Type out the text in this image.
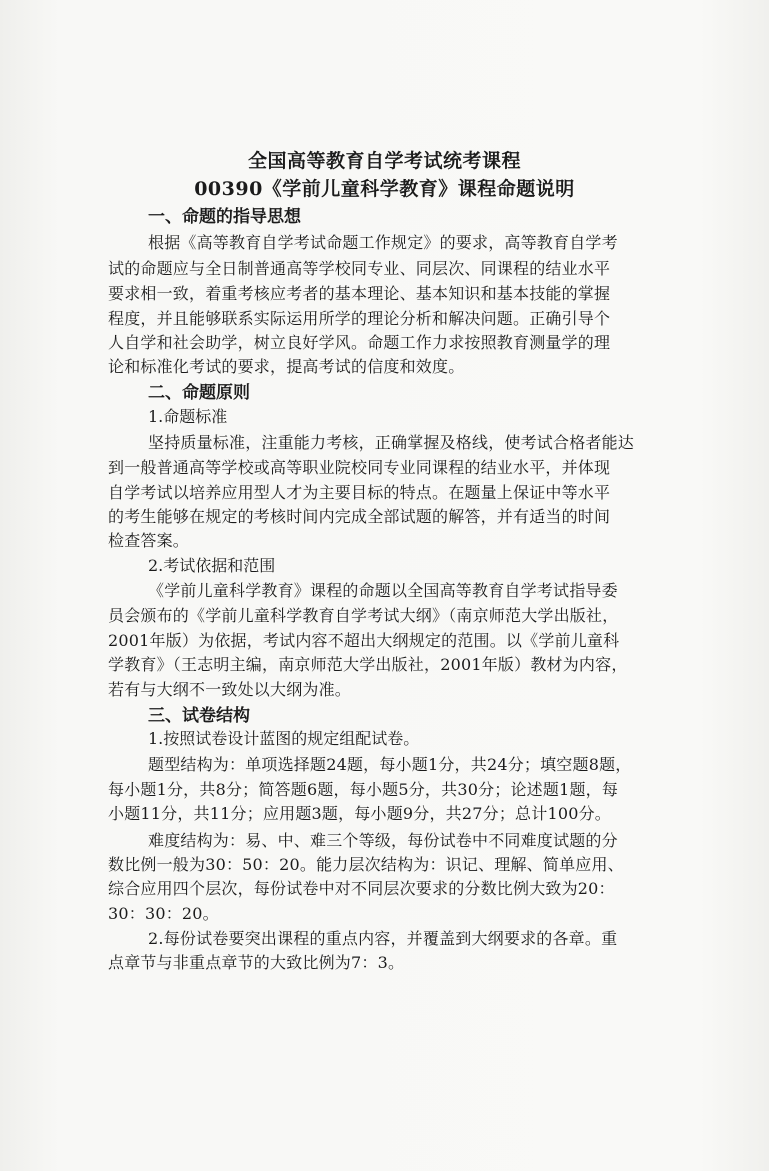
全国高等教育自学考试统考课程
00390《学前儿童科学教育》课程命题说明
一、命题的指导思想
根据《高等教育自学考试命题工作规定》的要求，高等教育自学考
试的命题应与全日制普通高等学校同专业、同层次、同课程的结业水平
要求相一致，着重考核应考者的基本理论、基本知识和基本技能的掌握
程度，并且能够联系实际运用所学的理论分析和解决问题。正确引导个
人自学和社会助学，树立良好学风。命题工作力求按照教育测量学的理
论和标准化考试的要求，提高考试的信度和效度。
二、命题原则
1.命题标准
坚持质量标准，注重能力考核，正确掌握及格线，使考试合格者能达
到一般普通高等学校或高等职业院校同专业同课程的结业水平，并体现
自学考试以培养应用型人才为主要目标的特点。在题量上保证中等水平
的考生能够在规定的考核时间内完成全部试题的解答，并有适当的时间
检查答案。
2.考试依据和范围
《学前儿童科学教育》课程的命题以全国高等教育自学考试指导委
员会颁布的《学前儿童科学教育自学考试大纲》（南京师范大学出版社，
2001年版）为依据，考试内容不超出大纲规定的范围。以《学前儿童科
学教育》（王志明主编，南京师范大学出版社，2001年版）教材为内容，
若有与大纲不一致处以大纲为准。
三、试卷结构
1.按照试卷设计蓝图的规定组配试卷。
题型结构为：单项选择题24题，每小题1分，共24分；填空题8题，
每小题1分，共8分；简答题6题，每小题5分，共30分；论述题1题，每
小题11分，共11分；应用题3题，每小题9分，共27分；总计100分。
难度结构为：易、中、难三个等级，每份试卷中不同难度试题的分
数比例一般为30：50：20。能力层次结构为：识记、理解、简单应用、
综合应用四个层次，每份试卷中对不同层次要求的分数比例大致为20：
30：30：20。
2.每份试卷要突出课程的重点内容，并覆盖到大纲要求的各章。重
点章节与非重点章节的大致比例为7：3。
